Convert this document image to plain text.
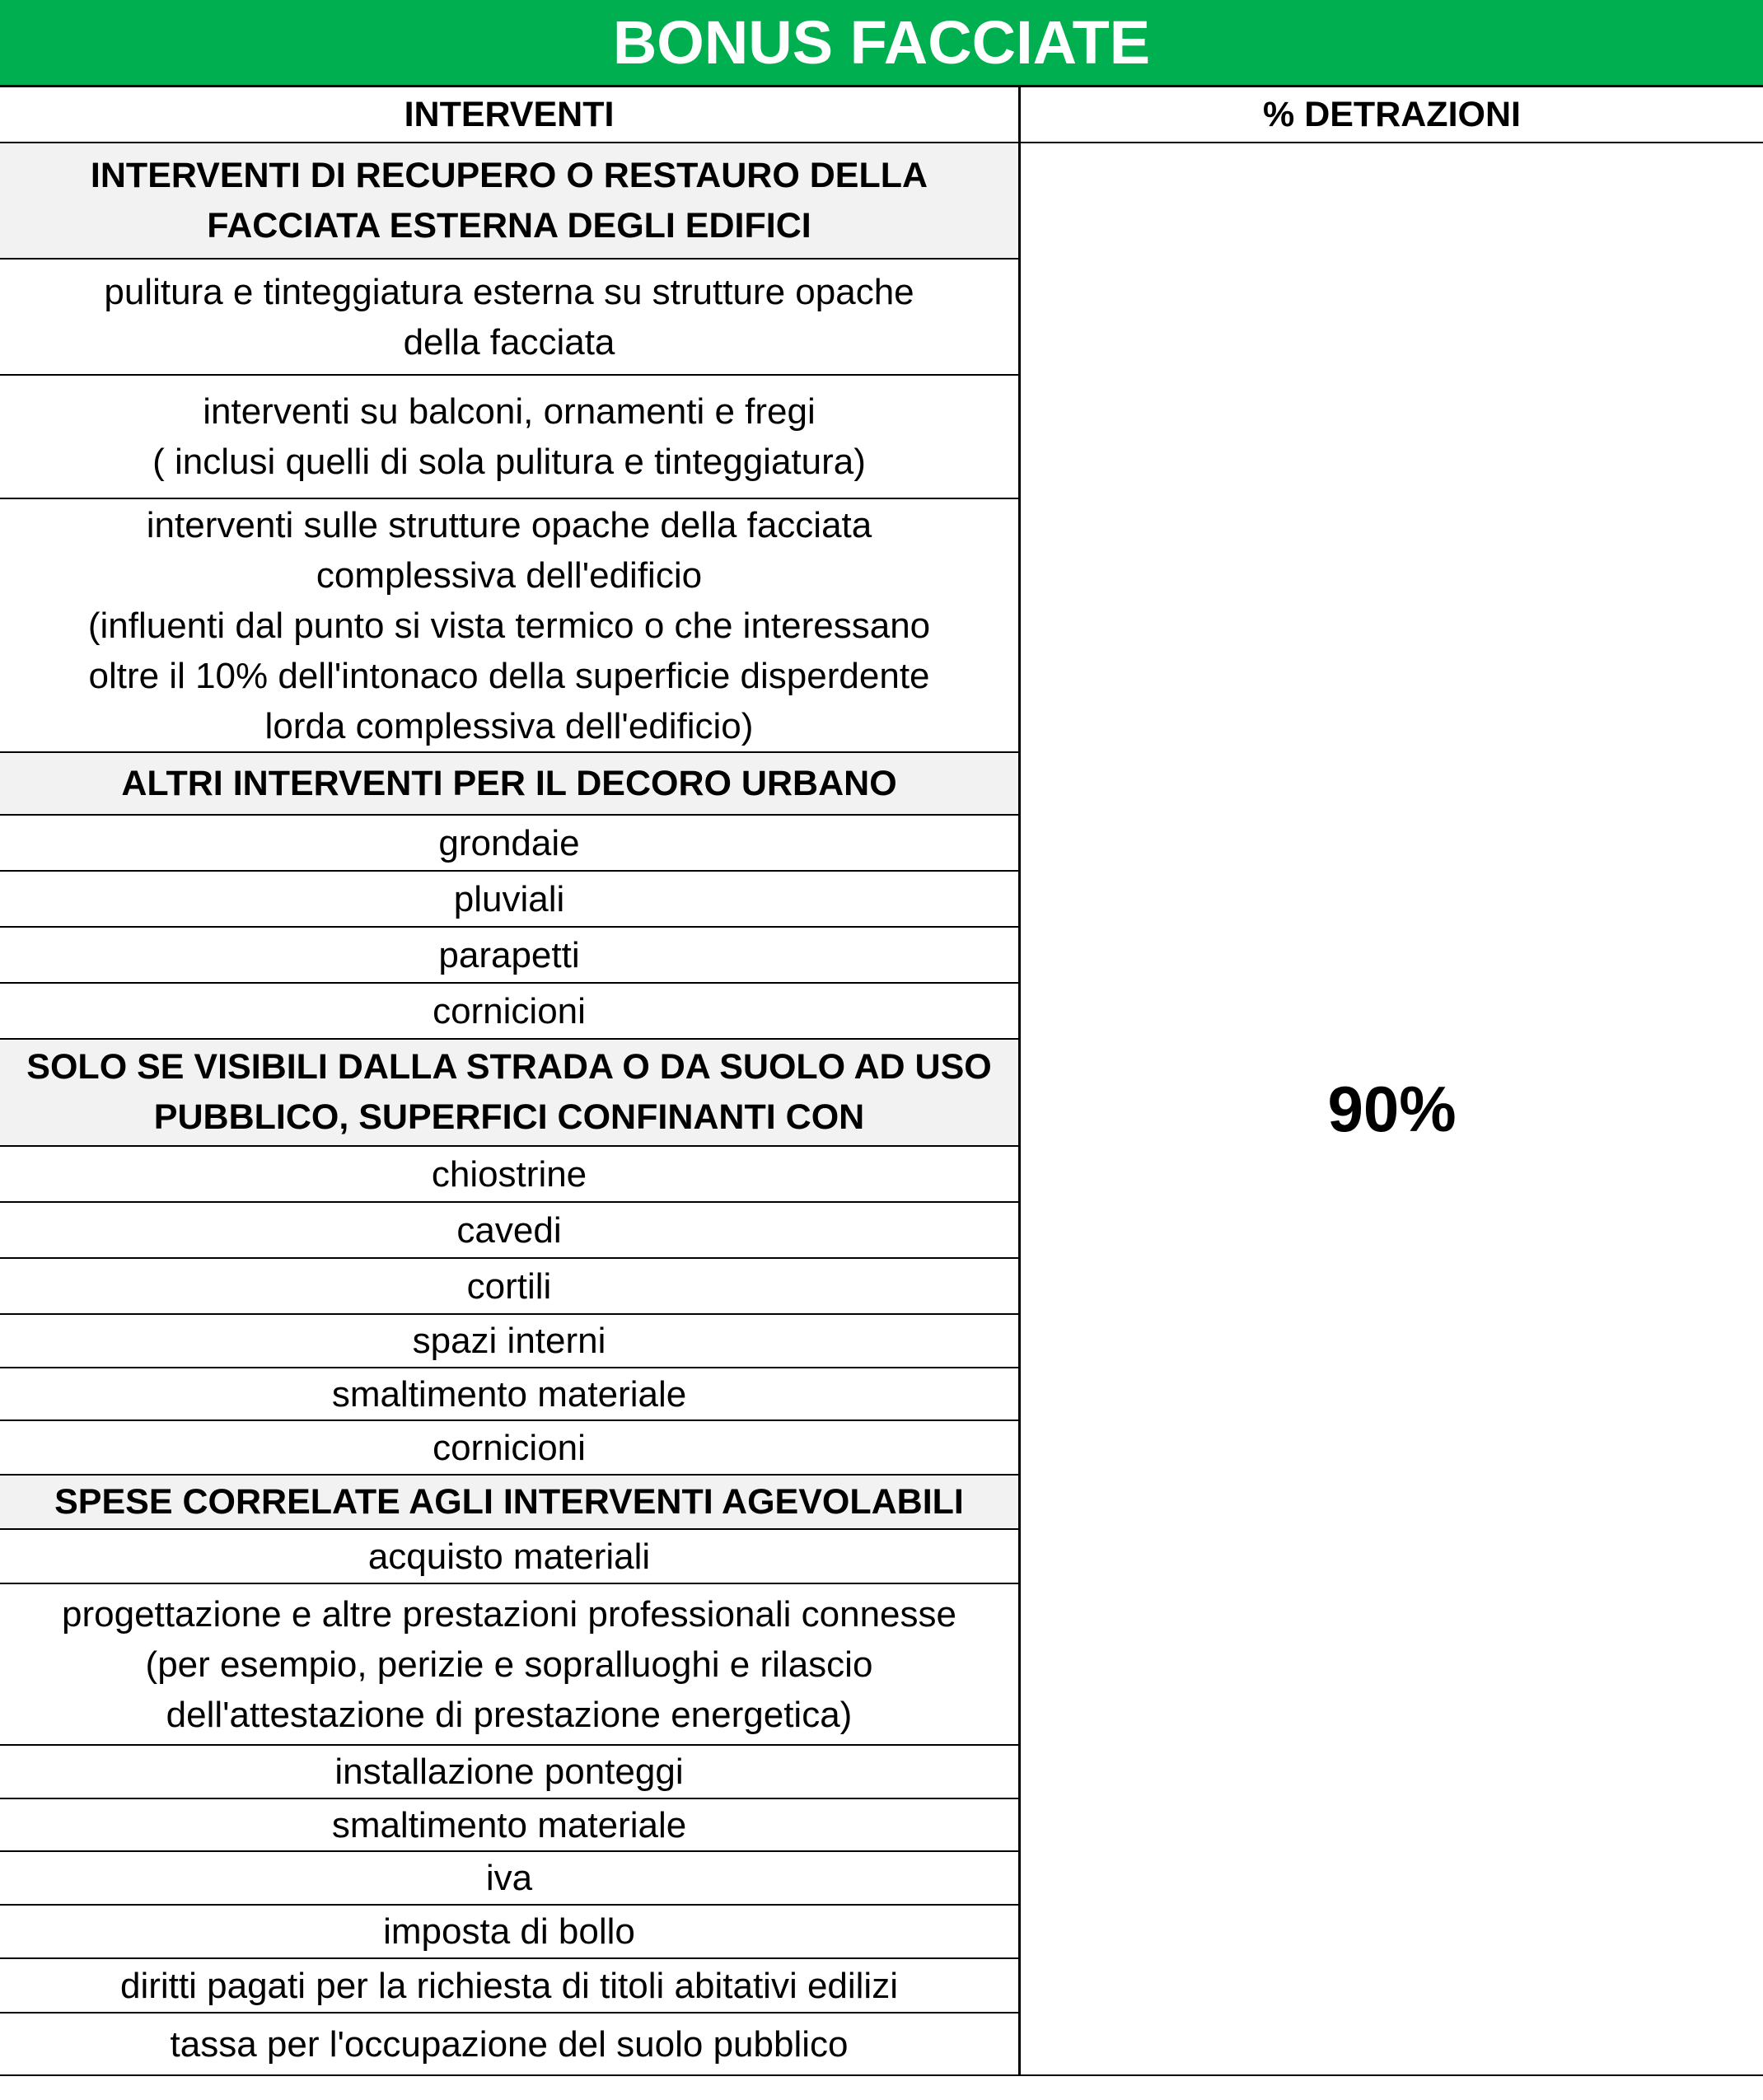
BONUS FACCIATE
INTERVENTI	% DETRAZIONI
INTERVENTI DI RECUPERO O RESTAURO DELLA
FACCIATA ESTERNA DEGLI EDIFICI
pulitura e tinteggiatura esterna su strutture opache
della facciata
interventi su balconi, ornamenti e fregi
( inclusi quelli di sola pulitura e tinteggiatura)
interventi sulle strutture opache della facciata
complessiva dell'edificio
(influenti dal punto si vista termico o che interessano
oltre il 10% dell'intonaco della superficie disperdente
lorda complessiva dell'edificio)
ALTRI INTERVENTI PER IL DECORO URBANO
grondaie
pluviali
parapetti
cornicioni
SOLO SE VISIBILI DALLA STRADA O DA SUOLO AD USO
PUBBLICO, SUPERFICI CONFINANTI CON
chiostrine
cavedi
cortili
spazi interni
smaltimento materiale
cornicioni
SPESE CORRELATE AGLI INTERVENTI AGEVOLABILI
acquisto materiali
progettazione e altre prestazioni professionali connesse
(per esempio, perizie e sopralluoghi e rilascio
dell'attestazione di prestazione energetica)
installazione ponteggi
smaltimento materiale
iva
imposta di bollo
diritti pagati per la richiesta di titoli abitativi edilizi
tassa per l'occupazione del suolo pubblico
90%
